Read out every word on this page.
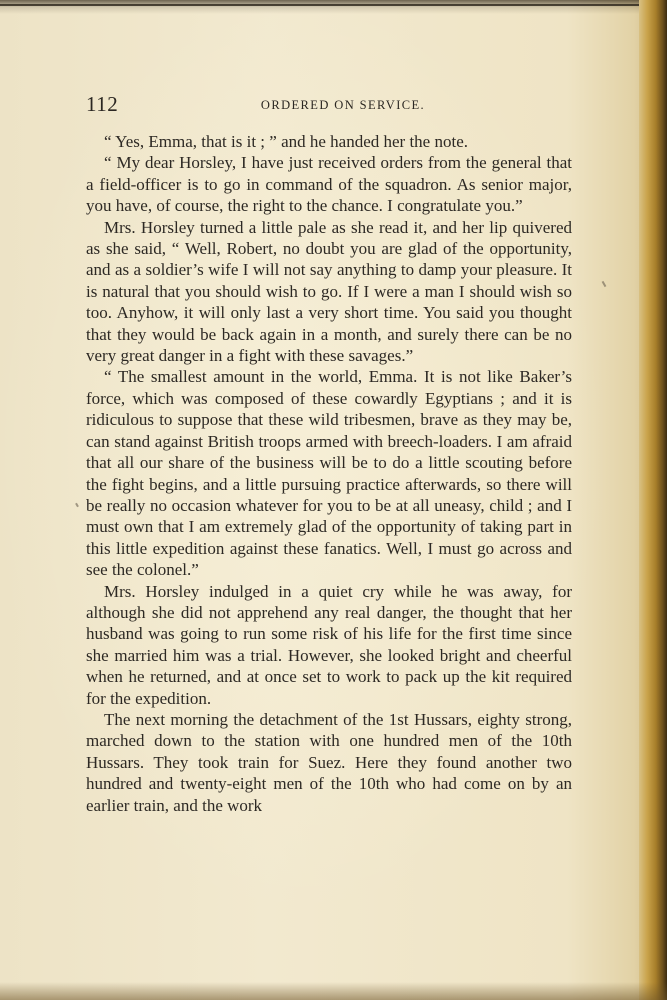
112	ORDERED ON SERVICE.

“ Yes, Emma, that is it ; ” and he handed her the note.

“ My dear Horsley, I have just received orders from the general that a field-officer is to go in command of the squadron. As senior major, you have, of course, the right to the chance. I congratulate you.”

Mrs. Horsley turned a little pale as she read it, and her lip quivered as she said, “ Well, Robert, no doubt you are glad of the opportunity, and as a soldier’s wife I will not say anything to damp your pleasure. It is natural that you should wish to go. If I were a man I should wish so too. Anyhow, it will only last a very short time. You said you thought that they would be back again in a month, and surely there can be no very great danger in a fight with these savages.”

“ The smallest amount in the world, Emma. It is not like Baker’s force, which was composed of these cowardly Egyptians ; and it is ridiculous to suppose that these wild tribesmen, brave as they may be, can stand against British troops armed with breech-loaders. I am afraid that all our share of the business will be to do a little scouting before the fight begins, and a little pursuing practice afterwards, so there will be really no occasion whatever for you to be at all uneasy, child ; and I must own that I am extremely glad of the opportunity of taking part in this little expedition against these fanatics. Well, I must go across and see the colonel.”

Mrs. Horsley indulged in a quiet cry while he was away, for although she did not apprehend any real danger, the thought that her husband was going to run some risk of his life for the first time since she married him was a trial. However, she looked bright and cheerful when he returned, and at once set to work to pack up the kit required for the expedition.

The next morning the detachment of the 1st Hussars, eighty strong, marched down to the station with one hundred men of the 10th Hussars. They took train for Suez. Here they found another two hundred and twenty-eight men of the 10th who had come on by an earlier train, and the work
